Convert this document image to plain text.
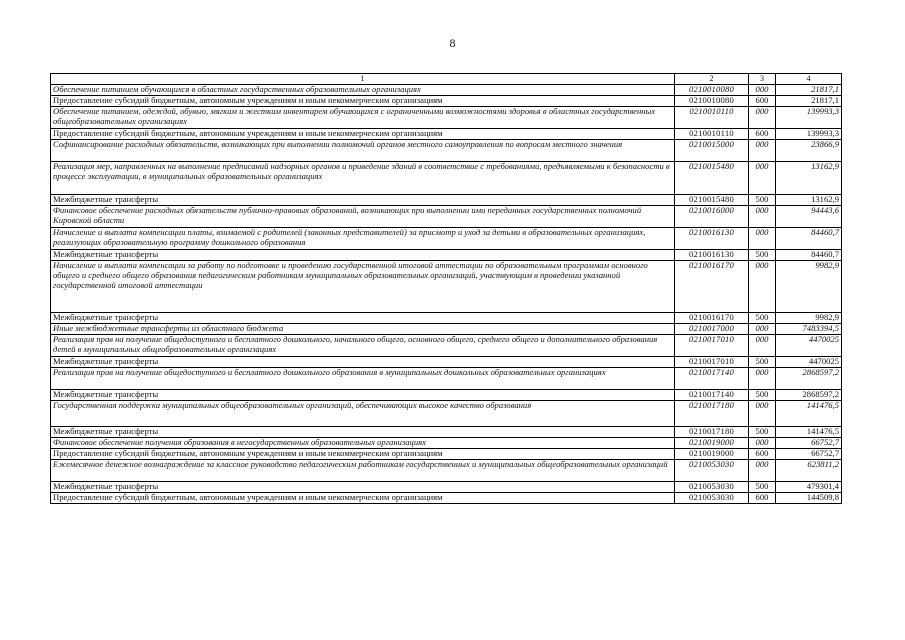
8
1	2	3	4
Обеспечение питанием обучающихся в областных государственных образовательных организациях	0210010080	000	21817,1
Предоставление субсидий бюджетным, автономным учреждениям и иным некоммерческим организациям	0210010080	600	21817,1
Обеспечение питанием, одеждой, обувью, мягким и жестким инвентарем обучающихся с ограниченными возможностями здоровья в областных государственных общеобразовательных организациях	0210010110	000	139993,3
Предоставление субсидий бюджетным, автономным учреждениям и иным некоммерческим организациям	0210010110	600	139993,3
Софинансирование расходных обязательств, возникающих при выполнении полномочий органов местного самоуправления по вопросам местного значения	0210015000	000	23866,9
Реализация мер, направленных на выполнение предписаний надзорных органов и приведение зданий в соответствие с требованиями, предъявляемыми к безопасности в процессе эксплуатации, в муниципальных образовательных организациях	0210015480	000	13162,9
Межбюджетные трансферты	0210015480	500	13162,9
Финансовое обеспечение расходных обязательств публично-правовых образований, возникающих при выполнении ими переданных государственных полномочий Кировской области	0210016000	000	94443,6
Начисление и выплата компенсации платы, взимаемой с родителей (законных представителей) за присмотр и уход за детьми в образовательных организациях, реализующих образовательную программу дошкольного образования	0210016130	000	84460,7
Межбюджетные трансферты	0210016130	500	84460,7
Начисление и выплата компенсации за работу по подготовке и проведению государственной итоговой аттестации по образовательным программам основного общего и среднего общего образования педагогическим работникам муниципальных образовательных организаций, участвующим в проведении указанной государственной итоговой аттестации	0210016170	000	9982,9
Межбюджетные трансферты	0210016170	500	9982,9
Иные межбюджетные трансферты из областного бюджета	0210017000	000	7483394,5
Реализация прав на получение общедоступного и бесплатного дошкольного, начального общего, основного общего, среднего общего и дополнительного образования детей в муниципальных общеобразовательных организациях	0210017010	000	4470025
Межбюджетные трансферты	0210017010	500	4470025
Реализация прав на получение общедоступного и бесплатного дошкольного образования в муниципальных дошкольных образовательных организациях	0210017140	000	2868597,2
Межбюджетные трансферты	0210017140	500	2868597,2
Государственная поддержка муниципальных общеобразовательных организаций, обеспечивающих высокое качество образования	0210017180	000	141476,5
Межбюджетные трансферты	0210017180	500	141476,5
Финансовое обеспечение получения образования в негосударственных образовательных организациях	0210019000	000	66752,7
Предоставление субсидий бюджетным, автономным учреждениям и иным некоммерческим организациям	0210019000	600	66752,7
Ежемесячное денежное вознаграждение за классное руководство педагогическим работникам государственных и муниципальных общеобразовательных организаций	0210053030	000	623811,2
Межбюджетные трансферты	0210053030	500	479301,4
Предоставление субсидий бюджетным, автономным учреждениям и иным некоммерческим организациям	0210053030	600	144509,8
